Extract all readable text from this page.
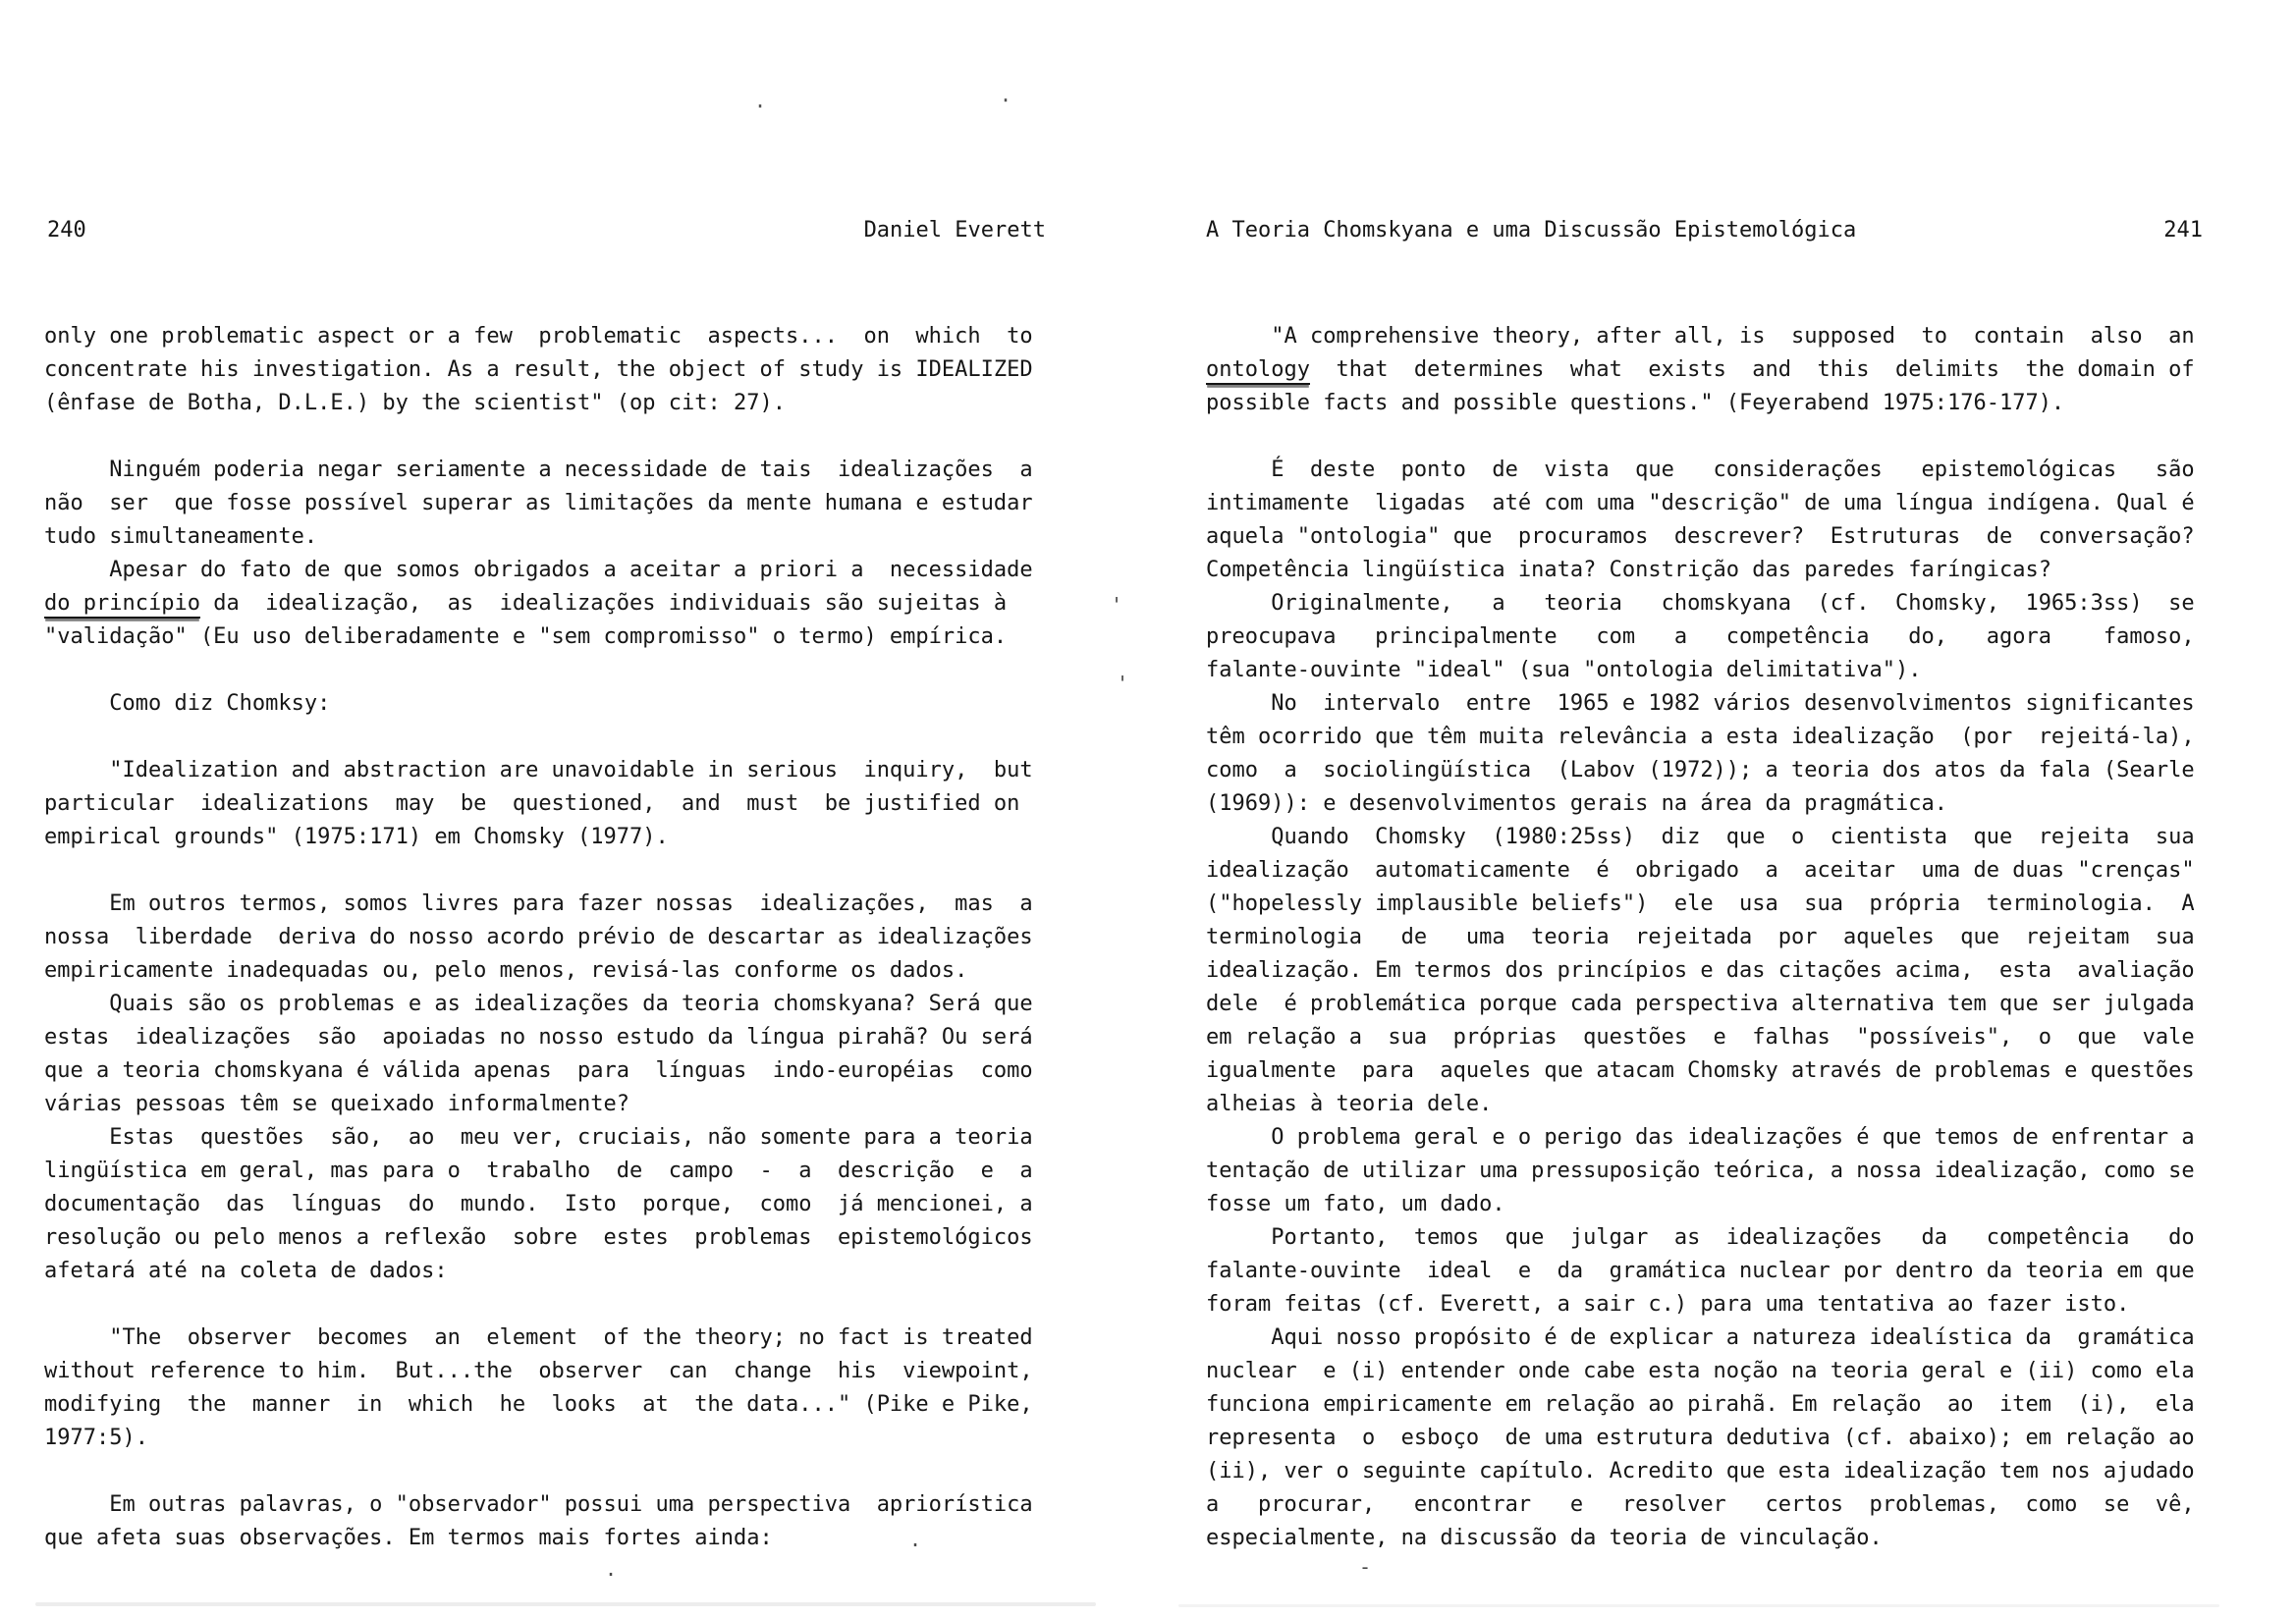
240	Daniel Everett	A Teoria Chomskyana e uma Discussão Epistemológica	241
only one problematic aspect or a few  problematic  aspects...  on  which  to
concentrate his investigation. As a result, the object of study is IDEALIZED
(ênfase de Botha, D.L.E.) by the scientist" (op cit: 27).

Ninguém poderia negar seriamente a necessidade de tais  idealizações  a
não  ser  que fosse possível superar as limitações da mente humana e estudar
tudo simultaneamente.
Apesar do fato de que somos obrigados a aceitar a priori a  necessidade
do princípio da  idealização,  as  idealizações individuais são sujeitas à
"validação" (Eu uso deliberadamente e "sem compromisso" o termo) empírica.

Como diz Chomksy:

"Idealization and abstraction are unavoidable in serious  inquiry,  but
particular  idealizations  may  be  questioned,  and  must  be justified on
empirical grounds" (1975:171) em Chomsky (1977).

Em outros termos, somos livres para fazer nossas  idealizações,  mas  a
nossa  liberdade  deriva do nosso acordo prévio de descartar as idealizações
empiricamente inadequadas ou, pelo menos, revisá-las conforme os dados.
Quais são os problemas e as idealizações da teoria chomskyana? Será que
estas  idealizações  são  apoiadas no nosso estudo da língua pirahã? Ou será
que a teoria chomskyana é válida apenas  para  línguas  indo-européias  como
várias pessoas têm se queixado informalmente?
Estas  questões  são,  ao  meu ver, cruciais, não somente para a teoria
lingüística em geral, mas para o  trabalho  de  campo  -  a  descrição  e  a
documentação  das  línguas  do  mundo.  Isto  porque,  como  já mencionei, a
resolução ou pelo menos a reflexão  sobre  estes  problemas  epistemológicos
afetará até na coleta de dados:

"The  observer  becomes  an  element  of the theory; no fact is treated
without reference to him.  But...the  observer  can  change  his  viewpoint,
modifying  the  manner  in  which  he  looks  at  the data..." (Pike e Pike,
1977:5).

Em outras palavras, o "observador" possui uma perspectiva  apriorística
que afeta suas observações. Em termos mais fortes ainda:
"A comprehensive theory, after all, is  supposed  to  contain  also  an
ontology  that  determines  what  exists  and  this  delimits  the domain of
possible facts and possible questions." (Feyerabend 1975:176-177).

É  deste  ponto  de  vista  que   considerações   epistemológicas   são
intimamente  ligadas  até com uma "descrição" de uma língua indígena. Qual é
aquela "ontologia" que  procuramos  descrever?  Estruturas  de  conversação?
Competência lingüística inata? Constrição das paredes faríngicas?
Originalmente,   a   teoria   chomskyana  (cf.  Chomsky,  1965:3ss)  se
preocupava   principalmente   com   a   competência   do,   agora    famoso,
falante-ouvinte "ideal" (sua "ontologia delimitativa").
No  intervalo  entre  1965 e 1982 vários desenvolvimentos significantes
têm ocorrido que têm muita relevância a esta idealização  (por  rejeitá-la),
como  a  sociolingüística  (Labov (1972)); a teoria dos atos da fala (Searle
(1969)): e desenvolvimentos gerais na área da pragmática.
Quando  Chomsky  (1980:25ss)  diz  que  o  cientista  que  rejeita  sua
idealização  automaticamente  é  obrigado  a  aceitar  uma de duas "crenças"
("hopelessly implausible beliefs")  ele  usa  sua  própria  terminologia.  A
terminologia   de   uma  teoria  rejeitada  por  aqueles  que  rejeitam  sua
idealização. Em termos dos princípios e das citações acima,  esta  avaliação
dele  é problemática porque cada perspectiva alternativa tem que ser julgada
em relação a  sua  próprias  questões  e  falhas  "possíveis",  o  que  vale
igualmente  para  aqueles que atacam Chomsky através de problemas e questões
alheias à teoria dele.
O problema geral e o perigo das idealizações é que temos de enfrentar a
tentação de utilizar uma pressuposição teórica, a nossa idealização, como se
fosse um fato, um dado.
Portanto,  temos  que  julgar  as  idealizações   da   competência   do
falante-ouvinte  ideal  e  da  gramática nuclear por dentro da teoria em que
foram feitas (cf. Everett, a sair c.) para uma tentativa ao fazer isto.
Aqui nosso propósito é de explicar a natureza idealística da  gramática
nuclear  e (i) entender onde cabe esta noção na teoria geral e (ii) como ela
funciona empiricamente em relação ao pirahã. Em relação  ao  item  (i),  ela
representa  o  esboço  de uma estrutura dedutiva (cf. abaixo); em relação ao
(ii), ver o seguinte capítulo. Acredito que esta idealização tem nos ajudado
a   procurar,   encontrar   e   resolver   certos  problemas,  como  se  vê,
especialmente, na discussão da teoria de vinculação.
'
'
.
.	-
·	·
